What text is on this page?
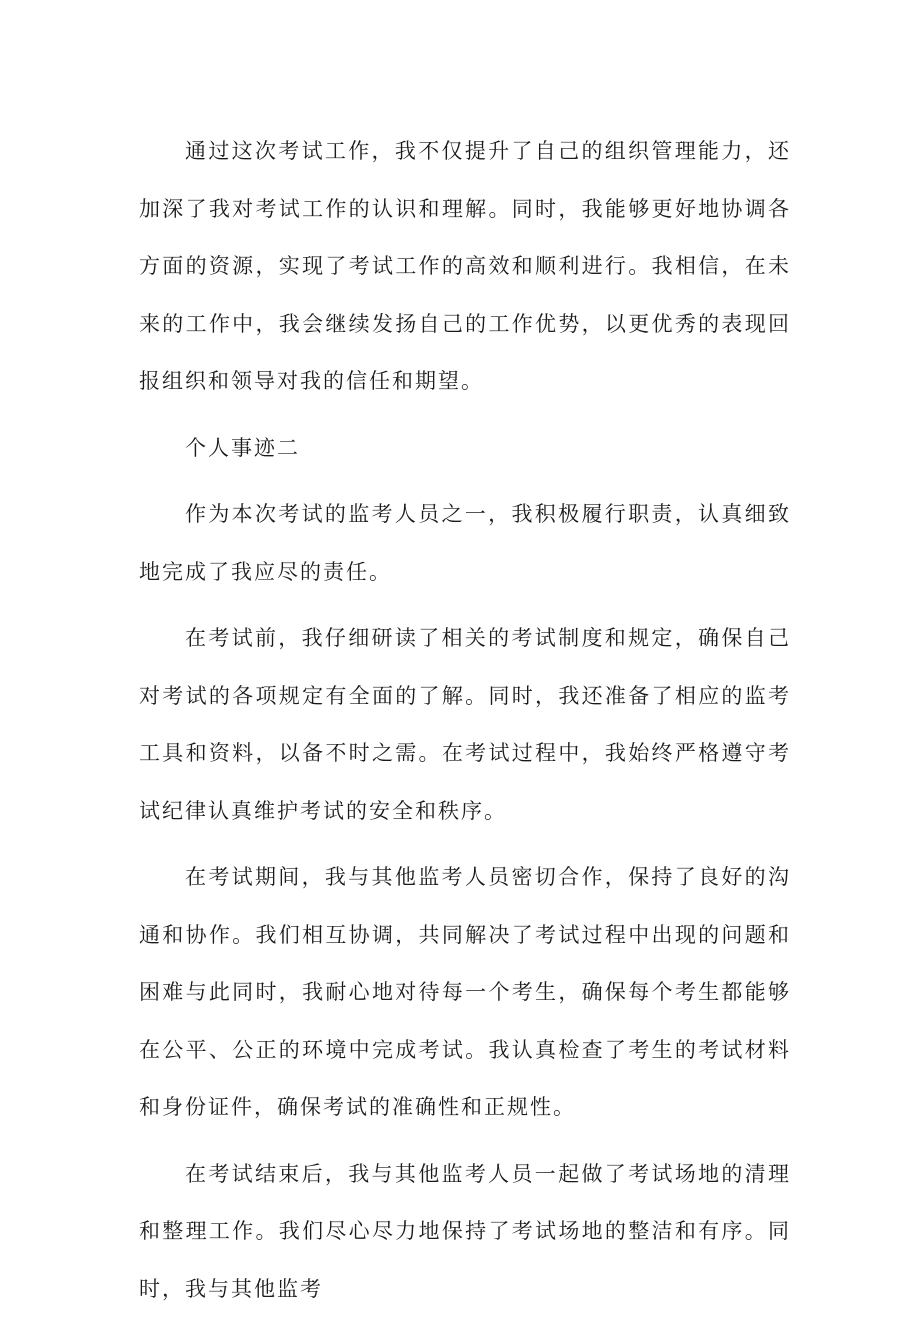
通过这次考试工作，我不仅提升了自己的组织管理能力，还加深了我对考试工作的认识和理解。同时，我能够更好地协调各方面的资源，实现了考试工作的高效和顺利进行。我相信，在未来的工作中，我会继续发扬自己的工作优势，以更优秀的表现回报组织和领导对我的信任和期望。

个人事迹二

作为本次考试的监考人员之一，我积极履行职责，认真细致地完成了我应尽的责任。

在考试前，我仔细研读了相关的考试制度和规定，确保自己对考试的各项规定有全面的了解。同时，我还准备了相应的监考工具和资料，以备不时之需。在考试过程中，我始终严格遵守考试纪律认真维护考试的安全和秩序。

在考试期间，我与其他监考人员密切合作，保持了良好的沟通和协作。我们相互协调，共同解决了考试过程中出现的问题和困难与此同时，我耐心地对待每一个考生，确保每个考生都能够在公平、公正的环境中完成考试。我认真检查了考生的考试材料和身份证件，确保考试的准确性和正规性。

在考试结束后，我与其他监考人员一起做了考试场地的清理和整理工作。我们尽心尽力地保持了考试场地的整洁和有序。同时，我与其他监考
